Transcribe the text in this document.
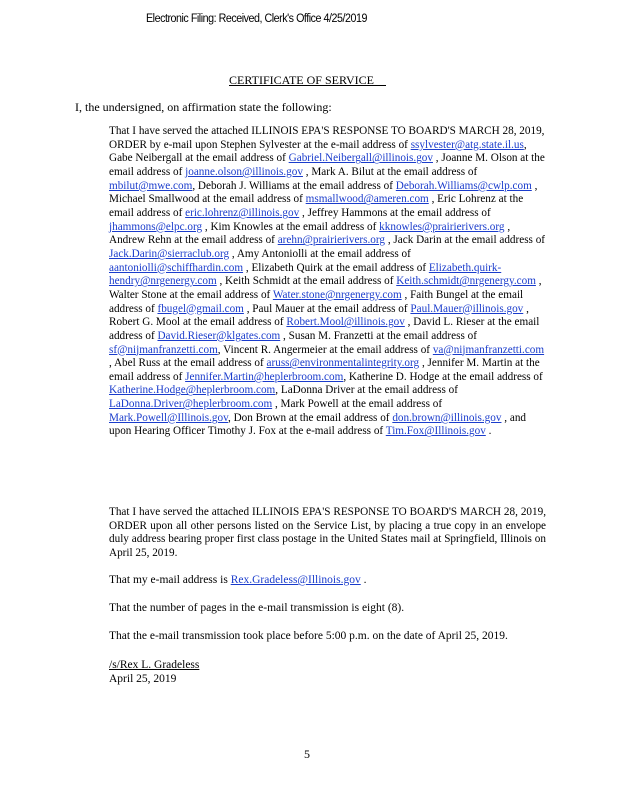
Electronic Filing: Received, Clerk's Office 4/25/2019
CERTIFICATE OF SERVICE
I, the undersigned, on affirmation state the following:
That I have served the attached ILLINOIS EPA'S RESPONSE TO BOARD'S MARCH 28, 2019, ORDER by e-mail upon Stephen Sylvester at the e-mail address of ssylvester@atg.state.il.us, Gabe Neibergall at the email address of Gabriel.Neibergall@illinois.gov , Joanne M. Olson at the email address of joanne.olson@illinois.gov , Mark A. Bilut at the email address of mbilut@mwe.com, Deborah J. Williams at the email address of Deborah.Williams@cwlp.com , Michael Smallwood at the email address of msmallwood@ameren.com , Eric Lohrenz at the email address of eric.lohrenz@illinois.gov , Jeffrey Hammons at the email address of jhammons@elpc.org , Kim Knowles at the email address of kknowles@prairierivers.org , Andrew Rehn at the email address of arehn@prairierivers.org , Jack Darin at the email address of Jack.Darin@sierraclub.org , Amy Antoniolli at the email address of aantoniolli@schiffhardin.com , Elizabeth Quirk at the email address of Elizabeth.quirk-hendry@nrgenergy.com , Keith Schmidt at the email address of Keith.schmidt@nrgenergy.com , Walter Stone at the email address of Water.stone@nrgenergy.com , Faith Bungel at the email address of fbugel@gmail.com , Paul Mauer at the email address of Paul.Mauer@illinois.gov , Robert G. Mool at the email address of Robert.Mool@illinois.gov , David L. Rieser at the email address of David.Rieser@klgates.com , Susan M. Franzetti at the email address of sf@nijmanfranzetti.com, Vincent R. Angermeier at the email address of va@nijmanfranzetti.com , Abel Russ at the email address of aruss@environmentalintegrity.org , Jennifer M. Martin at the email address of Jennifer.Martin@heplerbroom.com, Katherine D. Hodge at the email address of Katherine.Hodge@heplerbroom.com, LaDonna Driver at the email address of LaDonna.Driver@heplerbroom.com , Mark Powell at the email address of Mark.Powell@Illinois.gov, Don Brown at the email address of don.brown@illinois.gov , and upon Hearing Officer Timothy J. Fox at the e-mail address of Tim.Fox@Illinois.gov .
That I have served the attached ILLINOIS EPA'S RESPONSE TO BOARD'S MARCH 28, 2019, ORDER upon all other persons listed on the Service List, by placing a true copy in an envelope duly address bearing proper first class postage in the United States mail at Springfield, Illinois on April 25, 2019.
That my e-mail address is Rex.Gradeless@Illinois.gov .
That the number of pages in the e-mail transmission is eight (8).
That the e-mail transmission took place before 5:00 p.m. on the date of April 25, 2019.
/s/Rex L. Gradeless
April 25, 2019
5
